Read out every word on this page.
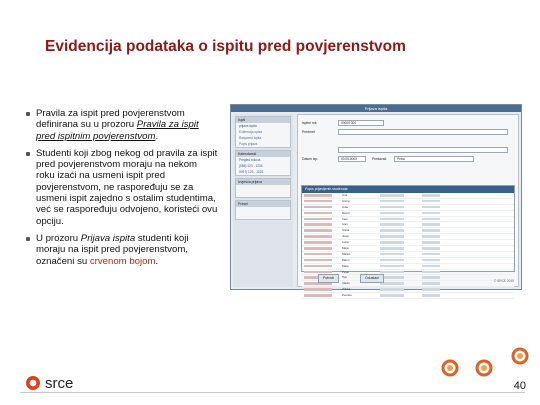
Evidencija podataka o ispitu pred povjerenstvom
Pravila za ispit pred povjerenstvom definirana su u prozoru Pravila za ispit pred ispitnim povjerenstvom.
Studenti koji zbog nekog od pravila za ispit pred povjerenstvom moraju na nekom roku izaći na usmeni ispit pred povjerenstvom, ne raspoređuju se za usmeni ispit zajedno s ostalim studentima, već se raspoređuju odvojeno, koristeći ovu opciju.
U prozoru Prijava ispita studenti koji moraju na ispit pred povjerenstvom, označeni su crvenom bojom.
Prijava ispita
Ispiti
prijava ispita
Evidencija upisa
Raspored ispita
Popis prijava
Kalendarski
Pregled rokova
(085) 123 - 1234
0097) 123 - 1023
Izvješća prijava
Pravni
Ispitni rok	00000 000
Predmet
Datum isp.	00.00.0000	Predavač	Petra
Popis prijavljenih studenata
Ana
Anica
Ante
Davor
Ines
Ivan
Ivana
Josip
Luka
Maja
Marko
Marin
Mate
Petar
Tea
Vlado
Zrinka
Zvonko
Potvrdi	Odustani
© SRCE 2015
srce	40
